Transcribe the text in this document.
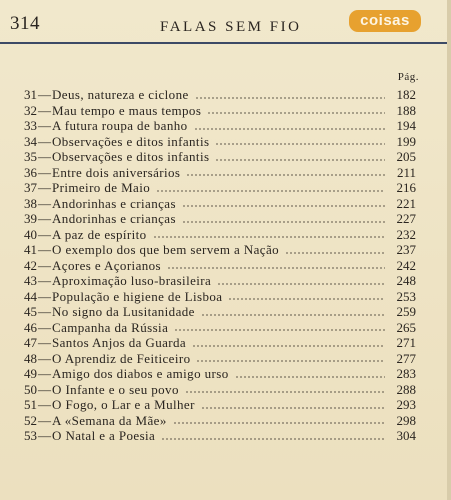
314	FALAS SEM FIO	coisas
Pág.
31 — Deus, natureza e ciclone	182
32 — Mau tempo e maus tempos	188
33 — A futura roupa de banho	194
34 — Observações e ditos infantis	199
35 — Observações e ditos infantis	205
36 — Entre dois aniversários	211
37 — Primeiro de Maio	216
38 — Andorinhas e crianças	221
39 — Andorinhas e crianças	227
40 — A paz de espírito	232
41 — O exemplo dos que bem servem a Nação	237
42 — Açores e Açorianos	242
43 — Aproximação luso-brasileira	248
44 — População e higiene de Lisboa	253
45 — No signo da Lusitanidade	259
46 — Campanha da Rússia	265
47 — Santos Anjos da Guarda	271
48 — O Aprendiz de Feiticeiro	277
49 — Amigo dos diabos e amigo urso	283
50 — O Infante e o seu povo	288
51 — O Fogo, o Lar e a Mulher	293
52 — A «Semana da Mãe»	298
53 — O Natal e a Poesia	304
